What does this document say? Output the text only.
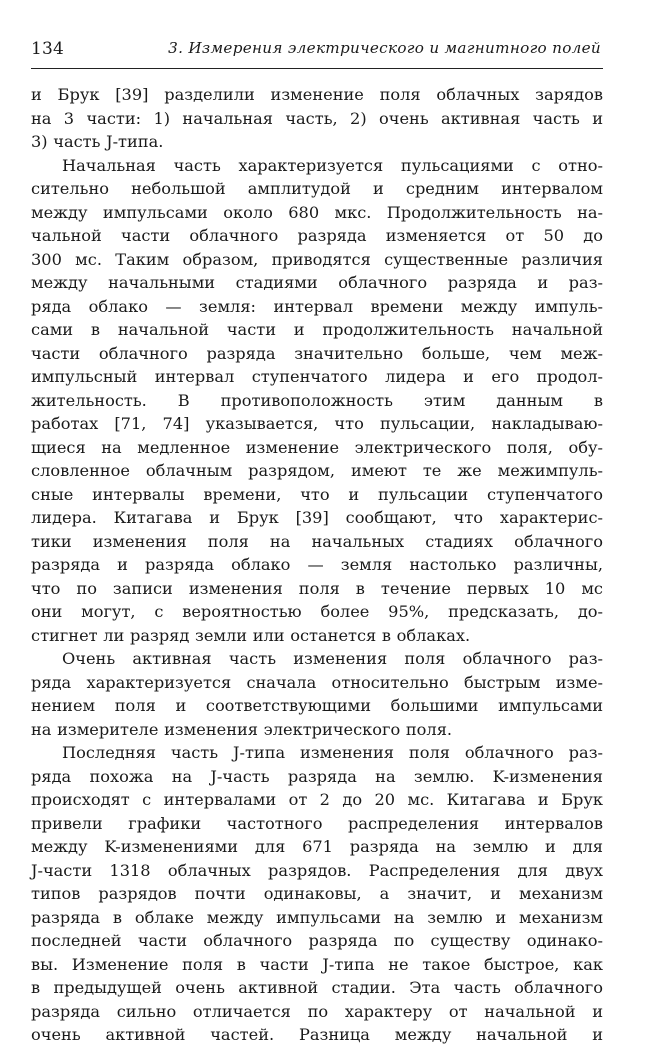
134	3. Измерения электрического и магнитного полей
и Брук [39] разделили изменение поля облачных зарядов
на 3 части: 1) начальная часть, 2) очень активная часть и
3) часть J-типа.
Начальная часть характеризуется пульсациями с отно-
сительно небольшой амплитудой и средним интервалом
между импульсами около 680 мкс. Продолжительность на-
чальной части облачного разряда изменяется от 50 до
300 мс. Таким образом, приводятся существенные различия
между начальными стадиями облачного разряда и раз-
ряда облако — земля: интервал времени между импуль-
сами в начальной части и продолжительность начальной
части облачного разряда значительно больше, чем меж-
импульсный интервал ступенчатого лидера и его продол-
жительность. В противоположность этим данным в
работах [71, 74] указывается, что пульсации, накладываю-
щиеся на медленное изменение электрического поля, обу-
словленное облачным разрядом, имеют те же межимпуль-
сные интервалы времени, что и пульсации ступенчатого
лидера. Китагава и Брук [39] сообщают, что характерис-
тики изменения поля на начальных стадиях облачного
разряда и разряда облако — земля настолько различны,
что по записи изменения поля в течение первых 10 мс
они могут, с вероятностью более 95%, предсказать, до-
стигнет ли разряд земли или останется в облаках.
Очень активная часть изменения поля облачного раз-
ряда характеризуется сначала относительно быстрым изме-
нением поля и соответствующими большими импульсами
на измерителе изменения электрического поля.
Последняя часть J-типа изменения поля облачного раз-
ряда похожа на J-часть разряда на землю. K-изменения
происходят с интервалами от 2 до 20 мс. Китагава и Брук
привели графики частотного распределения интервалов
между K-изменениями для 671 разряда на землю и для
J-части 1318 облачных разрядов. Распределения для двух
типов разрядов почти одинаковы, а значит, и механизм
разряда в облаке между импульсами на землю и механизм
последней части облачного разряда по существу одинако-
вы. Изменение поля в части J-типа не такое быстрое, как
в предыдущей очень активной стадии. Эта часть облачного
разряда сильно отличается по характеру от начальной и
очень активной частей. Разница между начальной и
